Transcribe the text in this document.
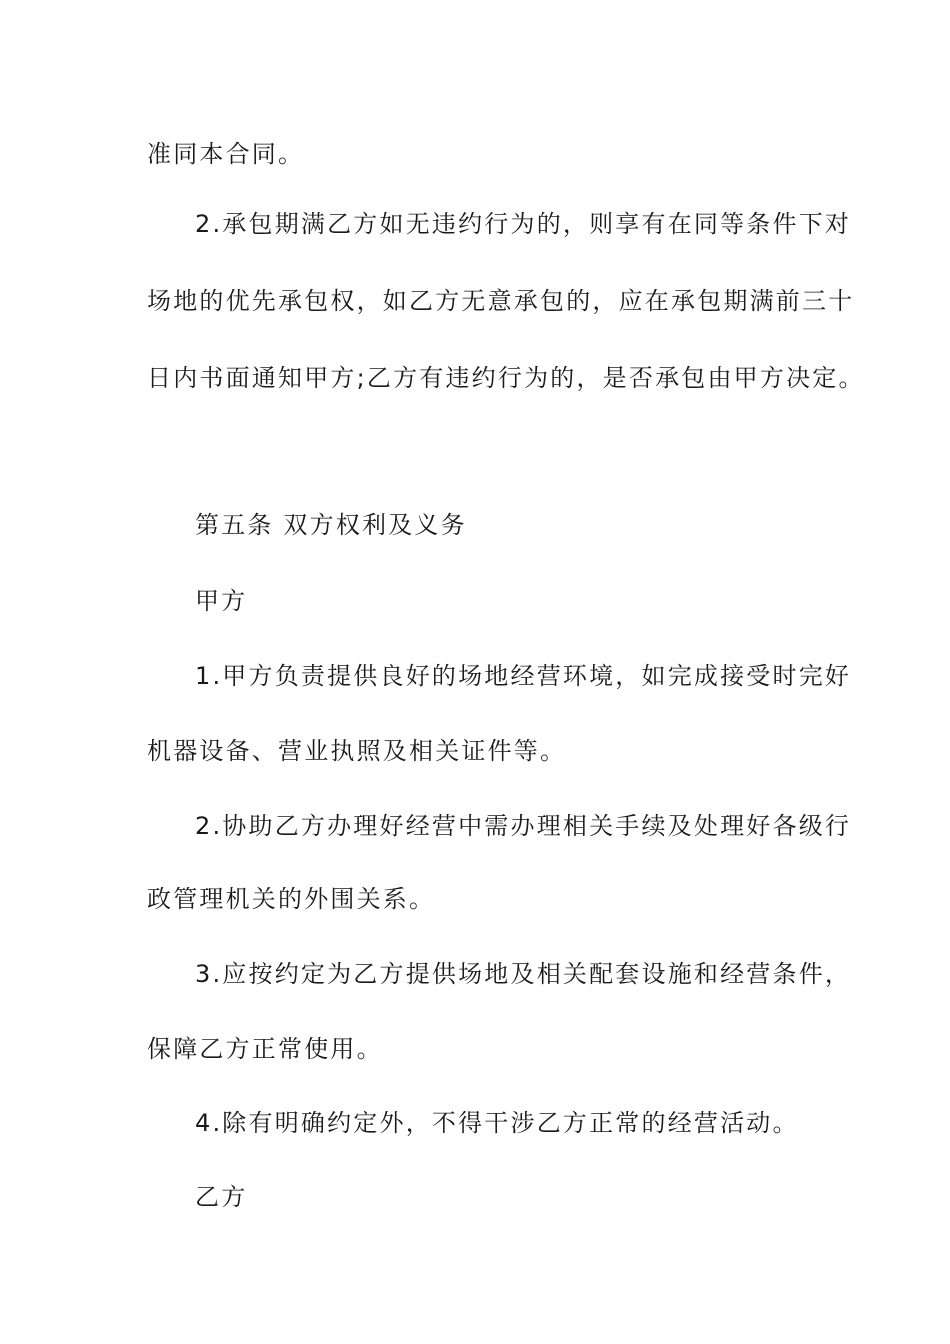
准同本合同。
2.承包期满乙方如无违约行为的，则享有在同等条件下对
场地的优先承包权，如乙方无意承包的，应在承包期满前三十
日内书面通知甲方;乙方有违约行为的，是否承包由甲方决定。
第五条 双方权利及义务
甲方
1.甲方负责提供良好的场地经营环境，如完成接受时完好
机器设备、营业执照及相关证件等。
2.协助乙方办理好经营中需办理相关手续及处理好各级行
政管理机关的外围关系。
3.应按约定为乙方提供场地及相关配套设施和经营条件，
保障乙方正常使用。
4.除有明确约定外，不得干涉乙方正常的经营活动。
乙方
